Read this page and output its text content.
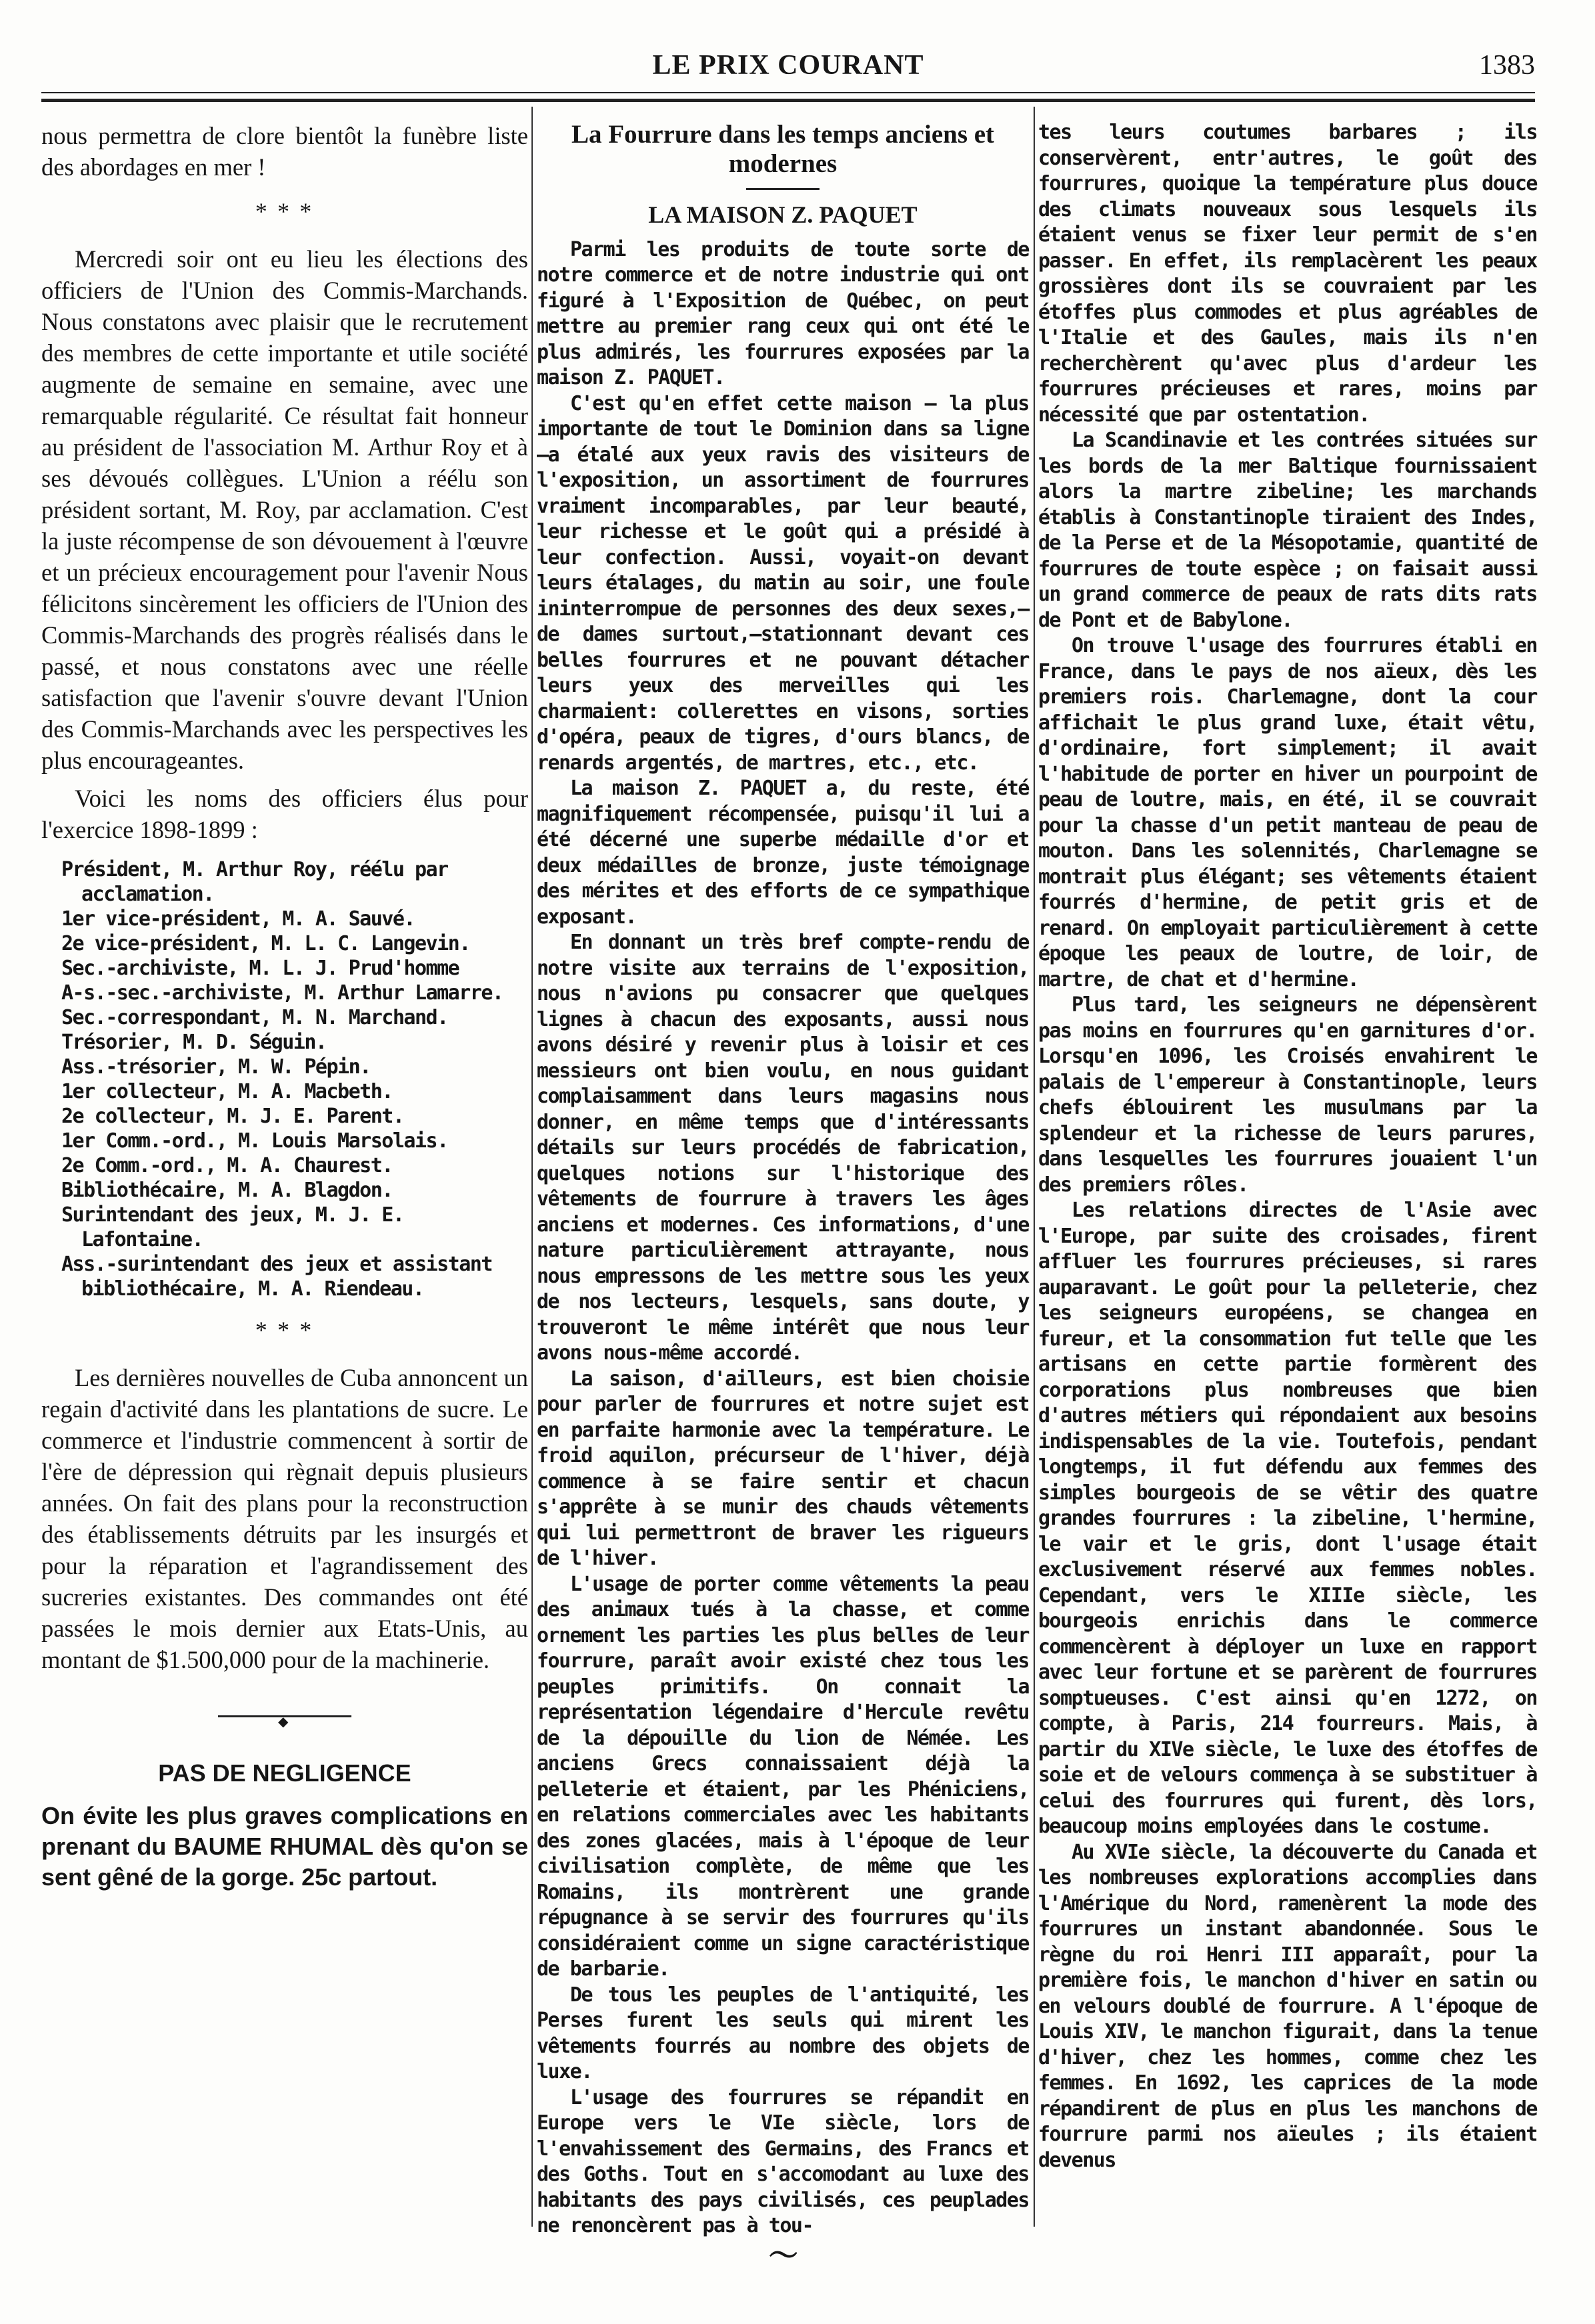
LE PRIX COURANT	1383

nous permettra de clore bientôt la funèbre liste des abordages en mer !

* * *

Mercredi soir ont eu lieu les élections des officiers de l'Union des Commis-Marchands. Nous constatons avec plaisir que le recrutement des membres de cette importante et utile société augmente de semaine en semaine, avec une remarquable régularité. Ce résultat fait honneur au président de l'association M. Arthur Roy et à ses dévoués collègues. L'Union a réélu son président sortant, M. Roy, par acclamation. C'est la juste récompense de son dévouement à l'œuvre et un précieux encouragement pour l'avenir Nous félicitons sincèrement les officiers de l'Union des Commis-Marchands des progrès réalisés dans le passé, et nous constatons avec une réelle satisfaction que l'avenir s'ouvre devant l'Union des Commis-Marchands avec les perspectives les plus encourageantes.

Voici les noms des officiers élus pour l'exercice 1898-1899 :

Président, M. Arthur Roy, réélu par acclamation.
1er vice-président, M. A. Sauvé.
2e vice-président, M. L. C. Langevin.
Sec.-archiviste, M. L. J. Prud'homme
A-s.-sec.-archiviste, M. Arthur Lamarre.
Sec.-correspondant, M. N. Marchand.
Trésorier, M. D. Séguin.
Ass.-trésorier, M. W. Pépin.
1er collecteur, M. A. Macbeth.
2e collecteur, M. J. E. Parent.
1er Comm.-ord., M. Louis Marsolais.
2e Comm.-ord., M. A. Chaurest.
Bibliothécaire, M. A. Blagdon.
Surintendant des jeux, M. J. E. Lafontaine.
Ass.-surintendant des jeux et assistant bibliothécaire, M. A. Riendeau.
* * *

Les dernières nouvelles de Cuba annoncent un regain d'activité dans les plantations de sucre. Le commerce et l'industrie commencent à sortir de l'ère de dépression qui règnait depuis plusieurs années. On fait des plans pour la reconstruction des établissements détruits par les insurgés et pour la réparation et l'agrandissement des sucreries existantes. Des commandes ont été passées le mois dernier aux Etats-Unis, au montant de $1.500,000 pour de la machinerie.

◆
PAS DE NEGLIGENCE

On évite les plus graves complications en prenant du BAUME RHUMAL dès qu'on se sent gêné de la gorge. 25c partout.

La Fourrure dans les temps anciens et modernes
LA MAISON Z. PAQUET

Parmi les produits de toute sorte de notre commerce et de notre industrie qui ont figuré à l'Exposition de Québec, on peut mettre au premier rang ceux qui ont été le plus admirés, les fourrures exposées par la maison Z. PAQUET.

C'est qu'en effet cette maison — la plus importante de tout le Dominion dans sa ligne—a étalé aux yeux ravis des visiteurs de l'exposition, un assortiment de fourrures vraiment incomparables, par leur beauté, leur richesse et le goût qui a présidé à leur confection. Aussi, voyait-on devant leurs étalages, du matin au soir, une foule ininterrompue de personnes des deux sexes,—de dames surtout,—stationnant devant ces belles fourrures et ne pouvant détacher leurs yeux des merveilles qui les charmaient: collerettes en visons, sorties d'opéra, peaux de tigres, d'ours blancs, de renards argentés, de martres, etc., etc.

La maison Z. PAQUET a, du reste, été magnifiquement récompensée, puisqu'il lui a été décerné une superbe médaille d'or et deux médailles de bronze, juste témoignage des mérites et des efforts de ce sympathique exposant.

En donnant un très bref compte-rendu de notre visite aux terrains de l'exposition, nous n'avions pu consacrer que quelques lignes à chacun des exposants, aussi nous avons désiré y revenir plus à loisir et ces messieurs ont bien voulu, en nous guidant complaisamment dans leurs magasins nous donner, en même temps que d'intéressants détails sur leurs procédés de fabrication, quelques notions sur l'historique des vêtements de fourrure à travers les âges anciens et modernes. Ces informations, d'une nature particulièrement attrayante, nous nous empressons de les mettre sous les yeux de nos lecteurs, lesquels, sans doute, y trouveront le même intérêt que nous leur avons nous-même accordé.

La saison, d'ailleurs, est bien choisie pour parler de fourrures et notre sujet est en parfaite harmonie avec la température. Le froid aquilon, précurseur de l'hiver, déjà commence à se faire sentir et chacun s'apprête à se munir des chauds vêtements qui lui permettront de braver les rigueurs de l'hiver.

L'usage de porter comme vêtements la peau des animaux tués à la chasse, et comme ornement les parties les plus belles de leur fourrure, paraît avoir existé chez tous les peuples primitifs. On connait la représentation légendaire d'Hercule revêtu de la dépouille du lion de Némée. Les anciens Grecs connaissaient déjà la pelleterie et étaient, par les Phéniciens, en relations commerciales avec les habitants des zones glacées, mais à l'époque de leur civilisation complète, de même que les Romains, ils montrèrent une grande répugnance à se servir des fourrures qu'ils considéraient comme un signe caractéristique de barbarie.

De tous les peuples de l'antiquité, les Perses furent les seuls qui mirent les vêtements fourrés au nombre des objets de luxe.

L'usage des fourrures se répandit en Europe vers le VIe siècle, lors de l'envahissement des Germains, des Francs et des Goths. Tout en s'accomodant au luxe des habitants des pays civilisés, ces peuplades ne renoncèrent pas à tou-

〜

tes leurs coutumes barbares ; ils conservèrent, entr'autres, le goût des fourrures, quoique la température plus douce des climats nouveaux sous lesquels ils étaient venus se fixer leur permit de s'en passer. En effet, ils remplacèrent les peaux grossières dont ils se couvraient par les étoffes plus commodes et plus agréables de l'Italie et des Gaules, mais ils n'en recherchèrent qu'avec plus d'ardeur les fourrures précieuses et rares, moins par nécessité que par ostentation.

La Scandinavie et les contrées situées sur les bords de la mer Baltique fournissaient alors la martre zibeline; les marchands établis à Constantinople tiraient des Indes, de la Perse et de la Mésopotamie, quantité de fourrures de toute espèce ; on faisait aussi un grand commerce de peaux de rats dits rats de Pont et de Babylone.

On trouve l'usage des fourrures établi en France, dans le pays de nos aïeux, dès les premiers rois. Charlemagne, dont la cour affichait le plus grand luxe, était vêtu, d'ordinaire, fort simplement; il avait l'habitude de porter en hiver un pourpoint de peau de loutre, mais, en été, il se couvrait pour la chasse d'un petit manteau de peau de mouton. Dans les solennités, Charlemagne se montrait plus élégant; ses vêtements étaient fourrés d'hermine, de petit gris et de renard. On employait particulièrement à cette époque les peaux de loutre, de loir, de martre, de chat et d'hermine.

Plus tard, les seigneurs ne dépensèrent pas moins en fourrures qu'en garnitures d'or. Lorsqu'en 1096, les Croisés envahirent le palais de l'empereur à Constantinople, leurs chefs éblouirent les musulmans par la splendeur et la richesse de leurs parures, dans lesquelles les fourrures jouaient l'un des premiers rôles.

Les relations directes de l'Asie avec l'Europe, par suite des croisades, firent affluer les fourrures précieuses, si rares auparavant. Le goût pour la pelleterie, chez les seigneurs européens, se changea en fureur, et la consommation fut telle que les artisans en cette partie formèrent des corporations plus nombreuses que bien d'autres métiers qui répondaient aux besoins indispensables de la vie. Toutefois, pendant longtemps, il fut défendu aux femmes des simples bourgeois de se vêtir des quatre grandes fourrures : la zibeline, l'hermine, le vair et le gris, dont l'usage était exclusivement réservé aux femmes nobles. Cependant, vers le XIIIe siècle, les bourgeois enrichis dans le commerce commencèrent à déployer un luxe en rapport avec leur fortune et se parèrent de fourrures somptueuses. C'est ainsi qu'en 1272, on compte, à Paris, 214 fourreurs. Mais, à partir du XIVe siècle, le luxe des étoffes de soie et de velours commença à se substituer à celui des fourrures qui furent, dès lors, beaucoup moins employées dans le costume.

Au XVIe siècle, la découverte du Canada et les nombreuses explorations accomplies dans l'Amérique du Nord, ramenèrent la mode des fourrures un instant abandonnée. Sous le règne du roi Henri III apparaît, pour la première fois, le manchon d'hiver en satin ou en velours doublé de fourrure. A l'époque de Louis XIV, le manchon figurait, dans la tenue d'hiver, chez les hommes, comme chez les femmes. En 1692, les caprices de la mode répandirent de plus en plus les manchons de fourrure parmi nos aïeules ; ils étaient devenus
